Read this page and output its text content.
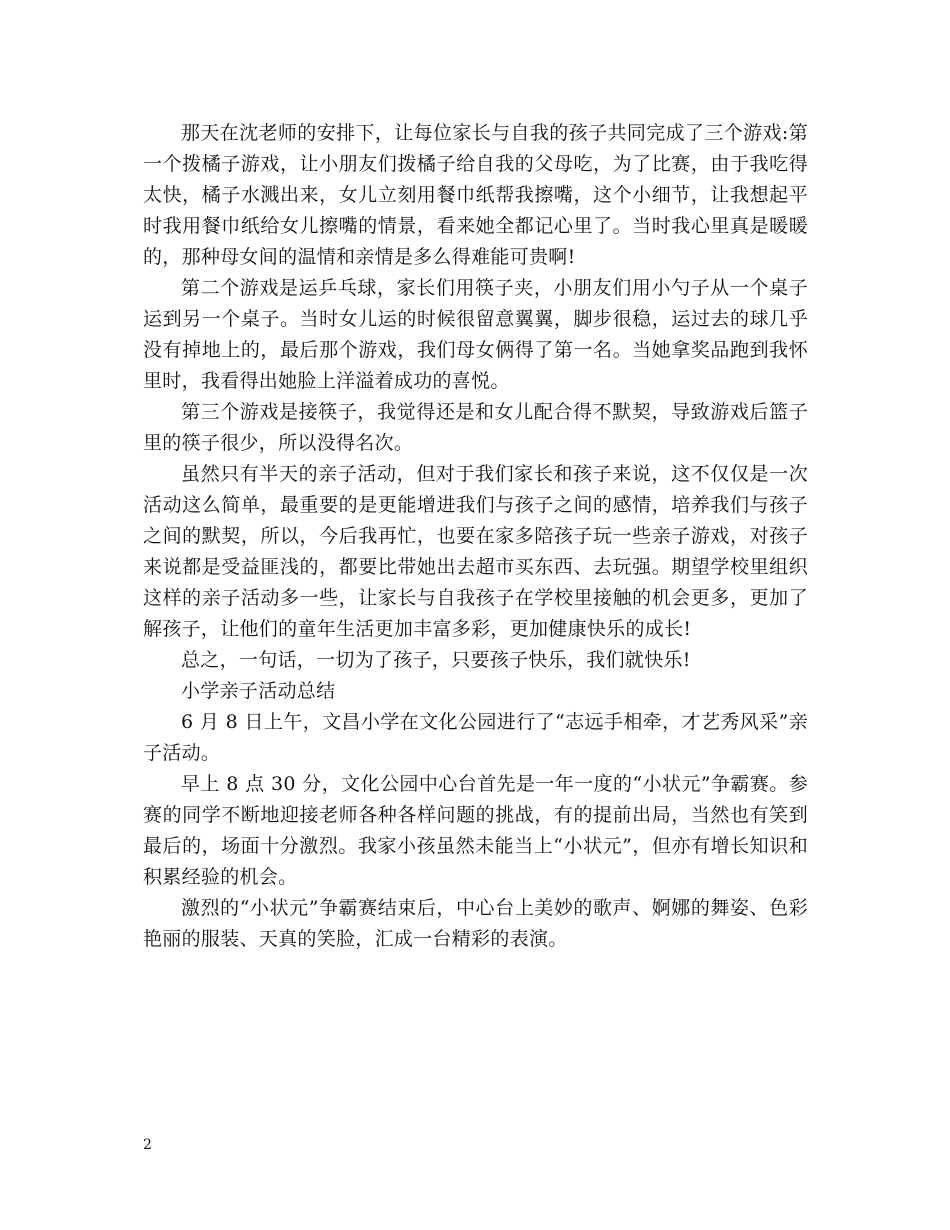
那天在沈老师的安排下，让每位家长与自我的孩子共同完成了三个游戏:第一个拨橘子游戏，让小朋友们拨橘子给自我的父母吃，为了比赛，由于我吃得太快，橘子水溅出来，女儿立刻用餐巾纸帮我擦嘴，这个小细节，让我想起平时我用餐巾纸给女儿擦嘴的情景，看来她全都记心里了。当时我心里真是暖暖的，那种母女间的温情和亲情是多么得难能可贵啊!

第二个游戏是运乒乓球，家长们用筷子夹，小朋友们用小勺子从一个桌子运到另一个桌子。当时女儿运的时候很留意翼翼，脚步很稳，运过去的球几乎没有掉地上的，最后那个游戏，我们母女俩得了第一名。当她拿奖品跑到我怀里时，我看得出她脸上洋溢着成功的喜悦。

第三个游戏是接筷子，我觉得还是和女儿配合得不默契，导致游戏后篮子里的筷子很少，所以没得名次。

虽然只有半天的亲子活动，但对于我们家长和孩子来说，这不仅仅是一次活动这么简单，最重要的是更能增进我们与孩子之间的感情，培养我们与孩子之间的默契，所以，今后我再忙，也要在家多陪孩子玩一些亲子游戏，对孩子来说都是受益匪浅的，都要比带她出去超市买东西、去玩强。期望学校里组织这样的亲子活动多一些，让家长与自我孩子在学校里接触的机会更多，更加了解孩子，让他们的童年生活更加丰富多彩，更加健康快乐的成长!

总之，一句话，一切为了孩子，只要孩子快乐，我们就快乐!

小学亲子活动总结

6 月 8 日上午，文昌小学在文化公园进行了“志远手相牵，才艺秀风采”亲子活动。

早上 8 点 30 分，文化公园中心台首先是一年一度的“小状元”争霸赛。参赛的同学不断地迎接老师各种各样问题的挑战，有的提前出局，当然也有笑到最后的，场面十分激烈。我家小孩虽然未能当上“小状元”，但亦有增长知识和积累经验的机会。

激烈的“小状元”争霸赛结束后，中心台上美妙的歌声、婀娜的舞姿、色彩艳丽的服装、天真的笑脸，汇成一台精彩的表演。

2
